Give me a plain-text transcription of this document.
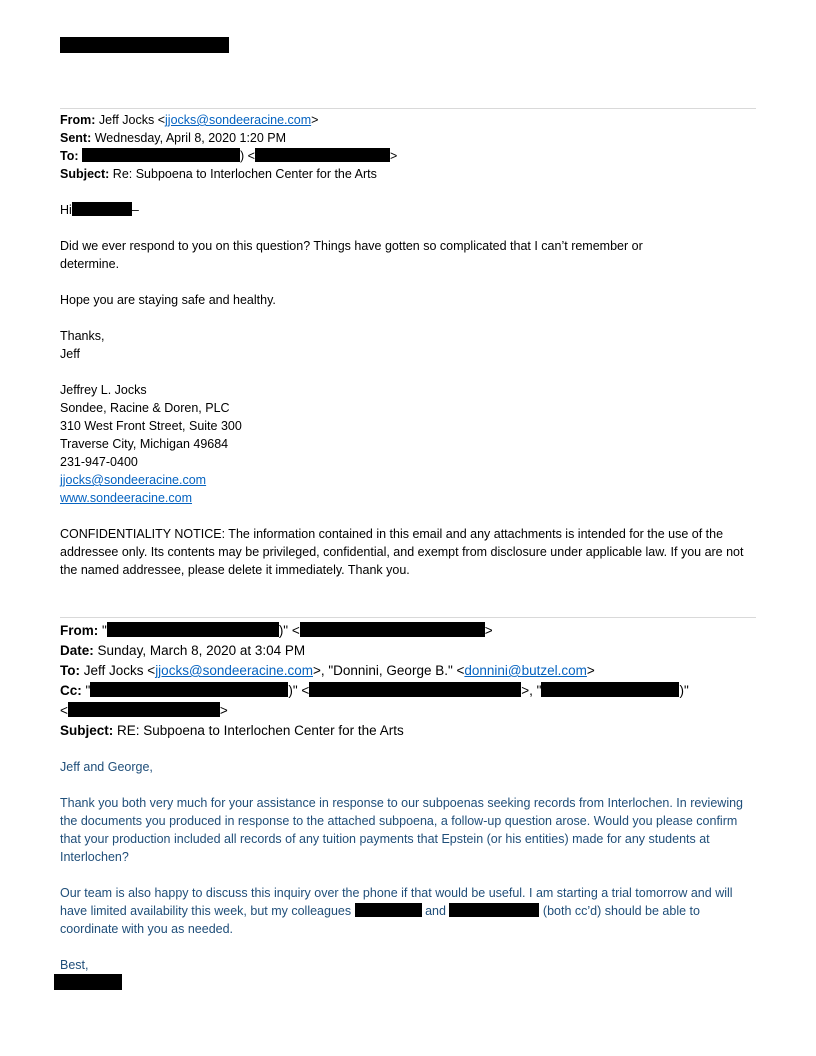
From: Jeff Jocks <jjocks@sondeeracine.com>
Sent: Wednesday, April 8, 2020 1:20 PM
To:	) <	>
Subject: Re: Subpoena to Interlochen Center for the Arts
Hi	–
Did we ever respond to you on this question? Things have gotten so complicated that I can’t remember or determine.
Hope you are staying safe and healthy.
Thanks,
Jeff
Jeffrey L. Jocks
Sondee, Racine & Doren, PLC
310 West Front Street, Suite 300
Traverse City, Michigan 49684
231-947-0400
jjocks@sondeeracine.com
www.sondeeracine.com
CONFIDENTIALITY NOTICE: The information contained in this email and any attachments is intended for the use of the addressee only. Its contents may be privileged, confidential, and exempt from disclosure under applicable law. If you are not the named addressee, please delete it immediately. Thank you.
From: "	)" <	>
Date: Sunday, March 8, 2020 at 3:04 PM
To: Jeff Jocks <jjocks@sondeeracine.com>, "Donnini, George B." <donnini@butzel.com>
Cc: "	)" <	>, "	)"
<	>
Subject: RE: Subpoena to Interlochen Center for the Arts
Jeff and George,
Thank you both very much for your assistance in response to our subpoenas seeking records from Interlochen. In reviewing the documents you produced in response to the attached subpoena, a follow-up question arose. Would you please confirm that your production included all records of any tuition payments that Epstein (or his entities) made for any students at Interlochen?
Our team is also happy to discuss this inquiry over the phone if that would be useful. I am starting a trial tomorrow and will have limited availability this week, but my colleagues	and	(both cc’d) should be able to coordinate with you as needed.
Best,
